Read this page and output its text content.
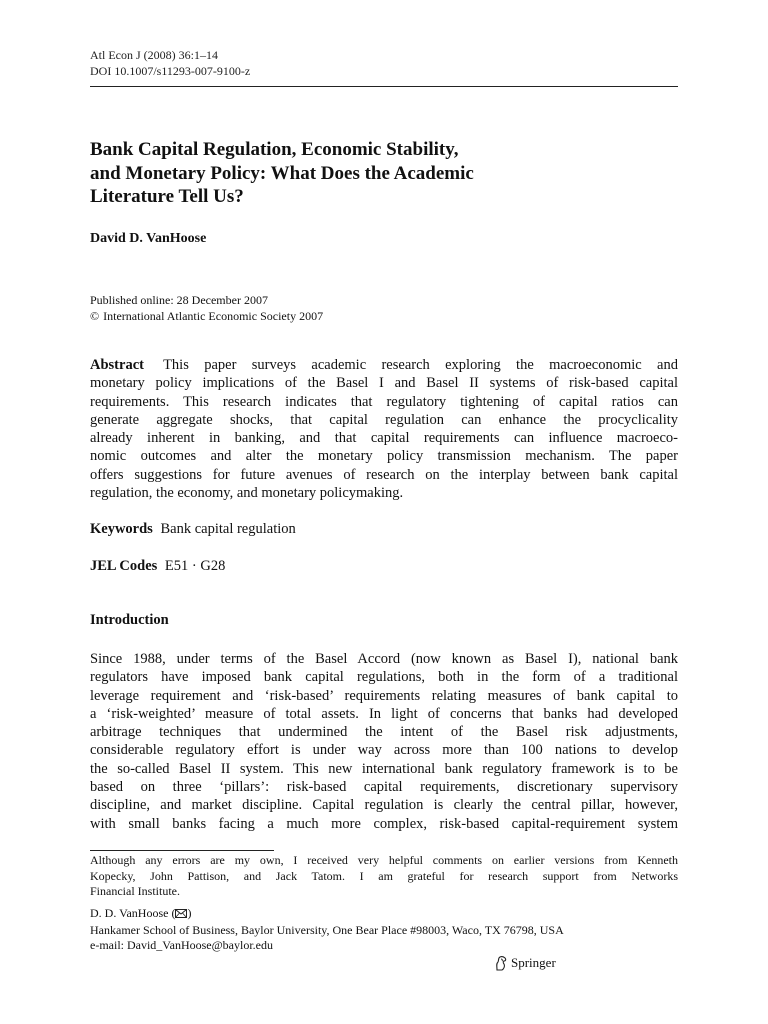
Atl Econ J (2008) 36:1–14
DOI 10.1007/s11293-007-9100-z
Bank Capital Regulation, Economic Stability,
and Monetary Policy: What Does the Academic
Literature Tell Us?
David D. VanHoose
Published online: 28 December 2007
© International Atlantic Economic Society 2007
Abstract This paper surveys academic research exploring the macroeconomic and
monetary policy implications of the Basel I and Basel II systems of risk-based capital
requirements. This research indicates that regulatory tightening of capital ratios can
generate aggregate shocks, that capital regulation can enhance the procyclicality
already inherent in banking, and that capital requirements can influence macroeco-
nomic outcomes and alter the monetary policy transmission mechanism. The paper
offers suggestions for future avenues of research on the interplay between bank capital
regulation, the economy, and monetary policymaking.
Keywords Bank capital regulation
JEL Codes E51 · G28
Introduction
Since 1988, under terms of the Basel Accord (now known as Basel I), national bank
regulators have imposed bank capital regulations, both in the form of a traditional
leverage requirement and ‘risk-based’ requirements relating measures of bank capital to
a ‘risk-weighted’ measure of total assets. In light of concerns that banks had developed
arbitrage techniques that undermined the intent of the Basel risk adjustments,
considerable regulatory effort is under way across more than 100 nations to develop
the so-called Basel II system. This new international bank regulatory framework is to be
based on three ‘pillars’: risk-based capital requirements, discretionary supervisory
discipline, and market discipline. Capital regulation is clearly the central pillar, however,
with small banks facing a much more complex, risk-based capital-requirement system
Although any errors are my own, I received very helpful comments on earlier versions from Kenneth
Kopecky, John Pattison, and Jack Tatom. I am grateful for research support from Networks
Financial Institute.
D. D. VanHoose ( )
Hankamer School of Business, Baylor University, One Bear Place #98003, Waco, TX 76798, USA
e-mail: David_VanHoose@baylor.edu
Springer
